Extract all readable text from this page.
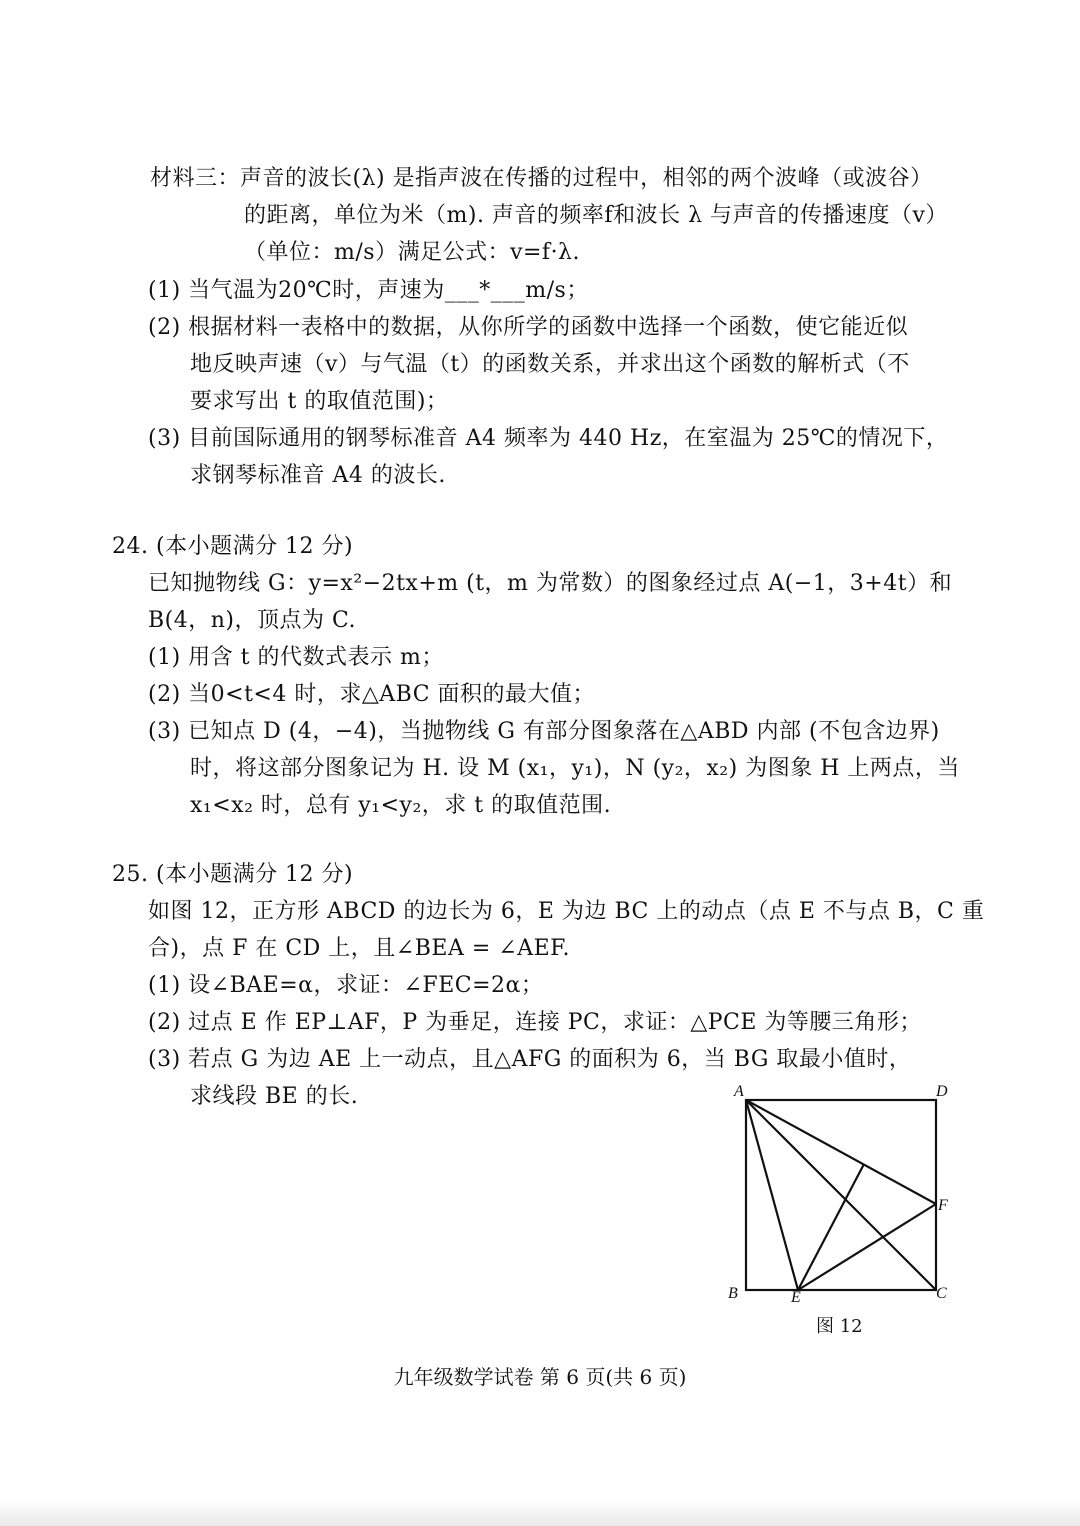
材料三：声音的波长(λ) 是指声波在传播的过程中，相邻的两个波峰（或波谷）
的距离，单位为米（m). 声音的频率f和波长 λ 与声音的传播速度（v）
（单位：m/s）满足公式：v=f·λ.
(1) 当气温为20℃时，声速为___*___m/s；
(2) 根据材料一表格中的数据，从你所学的函数中选择一个函数，使它能近似
地反映声速（v）与气温（t）的函数关系，并求出这个函数的解析式（不
要求写出 t 的取值范围)；
(3) 目前国际通用的钢琴标准音 A4 频率为 440 Hz，在室温为 25℃的情况下，
求钢琴标准音 A4 的波长.
24. (本小题满分 12 分)
已知抛物线 G：y=x²−2tx+m (t，m 为常数）的图象经过点 A(−1，3+4t）和
B(4，n)，顶点为 C.
(1) 用含 t 的代数式表示 m；
(2) 当0<t<4 时，求△ABC 面积的最大值；
(3) 已知点 D (4，−4)，当抛物线 G 有部分图象落在△ABD 内部 (不包含边界)
时，将这部分图象记为 H. 设 M (x₁，y₁)，N (y₂，x₂) 为图象 H 上两点，当
x₁<x₂ 时，总有 y₁<y₂，求 t 的取值范围.
25. (本小题满分 12 分)
如图 12，正方形 ABCD 的边长为 6，E 为边 BC 上的动点（点 E 不与点 B，C 重
合)，点 F 在 CD 上，且∠BEA = ∠AEF.
(1) 设∠BAE=α，求证：∠FEC=2α；
(2) 过点 E 作 EP⊥AF，P 为垂足，连接 PC，求证：△PCE 为等腰三角形；
(3) 若点 G 为边 AE 上一动点，且△AFG 的面积为 6，当 BG 取最小值时，
求线段 BE 的长.	A	D
F
B	E	C
图 12
九年级数学试卷 第 6 页(共 6 页)
